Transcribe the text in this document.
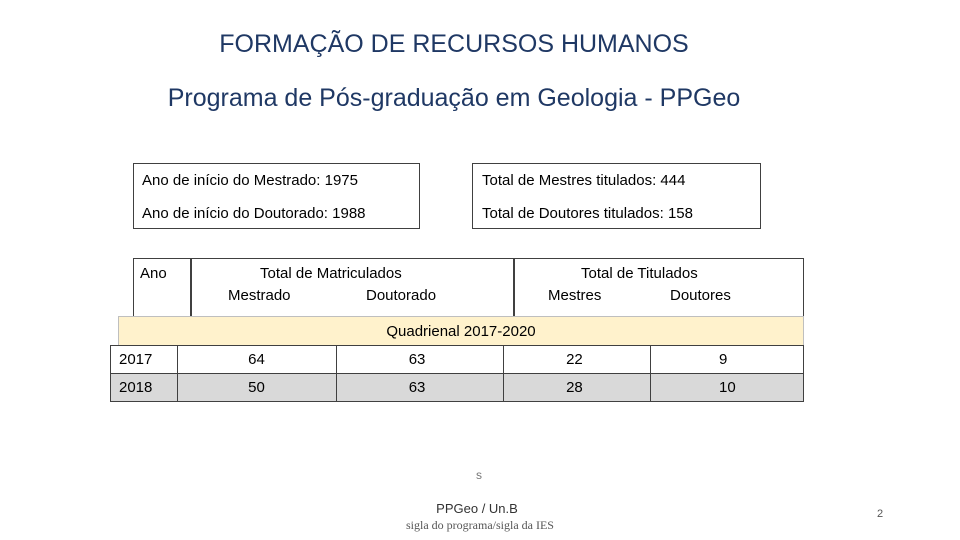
FORMAÇÃO DE RECURSOS HUMANOS
Programa de Pós-graduação em Geologia - PPGeo
Ano de início do Mestrado: 1975
Ano de início do Doutorado: 1988
Total de Mestres titulados: 444
Total de Doutores titulados: 158
Ano	Total de Matriculados
Mestrado	Doutorado
Total de Titulados
Mestres	Doutores
Quadrienal 2017-2020
2017	64	63	22	9
2018	50	63	28	10
s
PPGeo / Un.B
sigla do programa/sigla da IES
2
